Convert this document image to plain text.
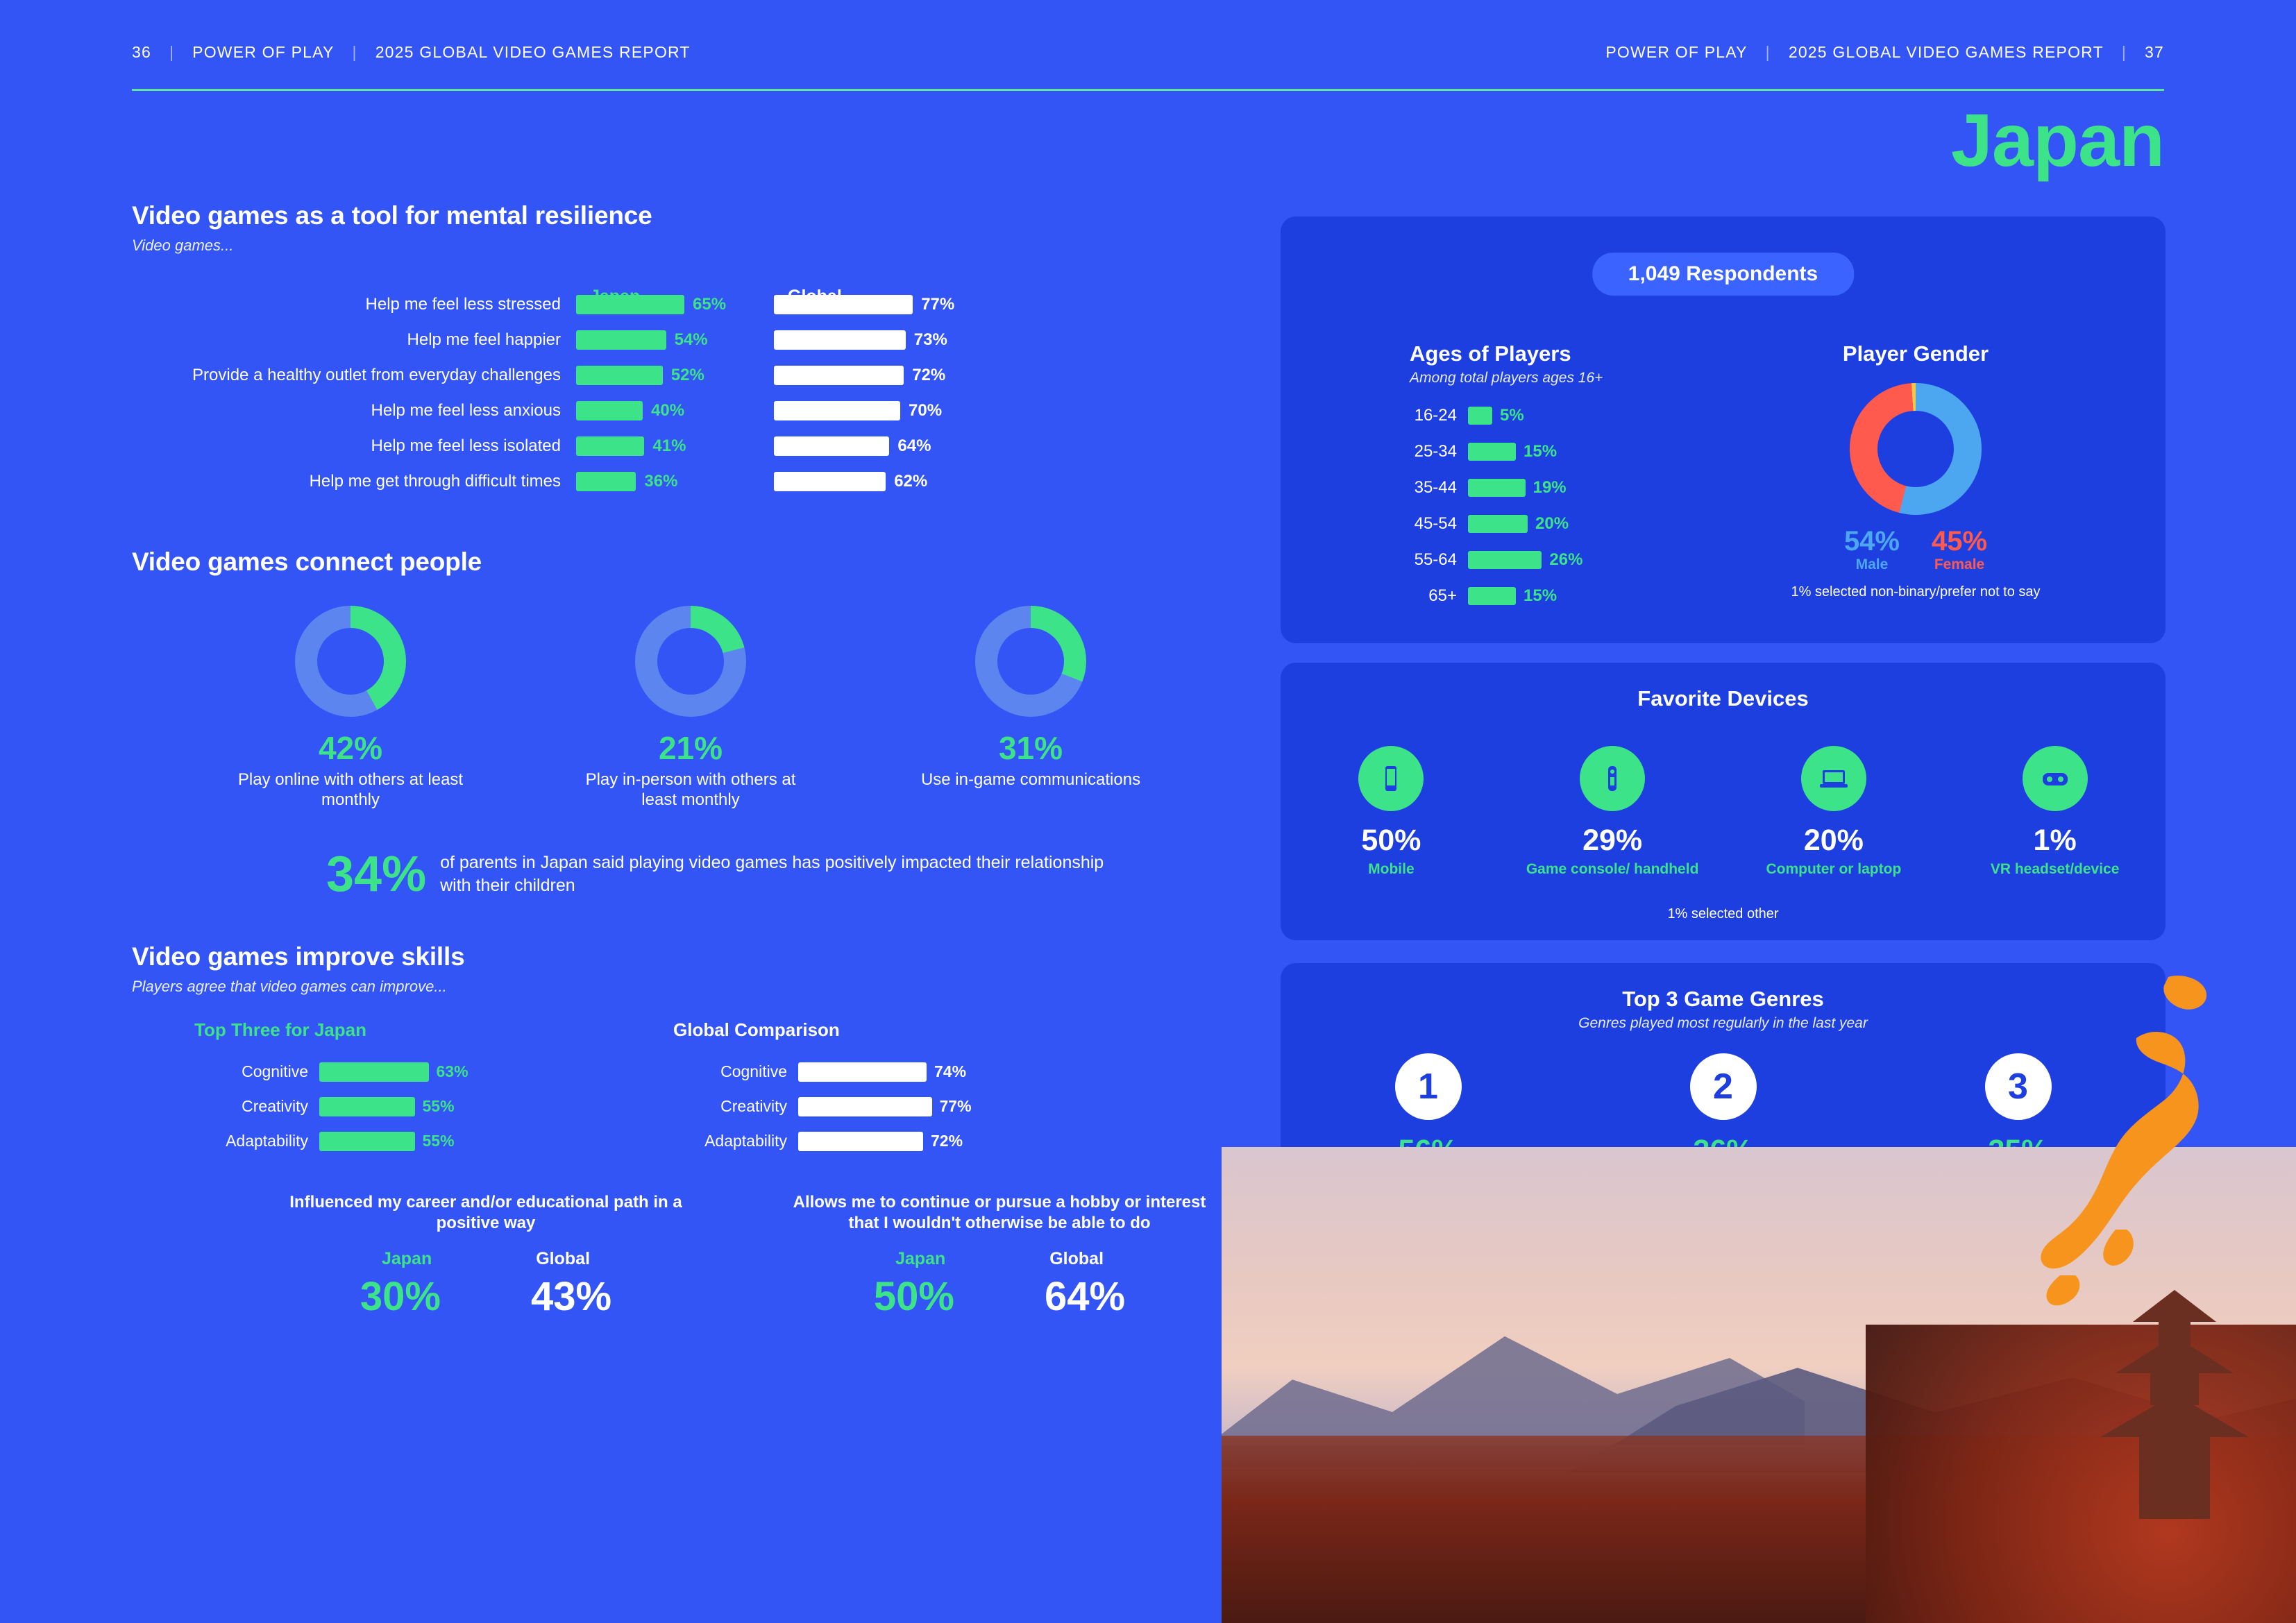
36 | POWER OF PLAY | 2025 GLOBAL VIDEO GAMES REPORT	POWER OF PLAY | 2025 GLOBAL VIDEO GAMES REPORT | 37
Japan
Video games as a tool for mental resilience
Video games...
Japan	Global
Help me feel less stressed	65%	77%
Help me feel happier	54%	73%
Provide a healthy outlet from everyday challenges	52%	72%
Help me feel less anxious	40%	70%
Help me feel less isolated	41%	64%
Help me get through difficult times	36%	62%
Video games connect people
42%
Play online with others at least monthly
21%
Play in-person with others at least monthly
31%
Use in-game communications
34% of parents in Japan said playing video games has positively impacted their relationship with their children
Video games improve skills
Players agree that video games can improve...
Top Three for Japan
Cognitive	63%
Creativity	55%
Adaptability	55%
Global Comparison
Cognitive	74%
Creativity	77%
Adaptability	72%
Influenced my career and/or educational path in a positive way
Japan	Global
30% 43%
Allows me to continue or pursue a hobby or interest that I wouldn't otherwise be able to do
Japan	Global
50% 64%
1,049 Respondents
Ages of Players
Among total players ages 16+
16-24	5%
25-34	15%
35-44	19%
45-54	20%
55-64	26%
65+	15%
Player Gender
54%
Male
45%
Female
1% selected non-binary/prefer not to say
Favorite Devices
50%
Mobile
29%
Game console/ handheld
20%
Computer or laptop
1%
VR headset/device
1% selected other
Top 3 Game Genres
Genres played most regularly in the last year
1	2	3
